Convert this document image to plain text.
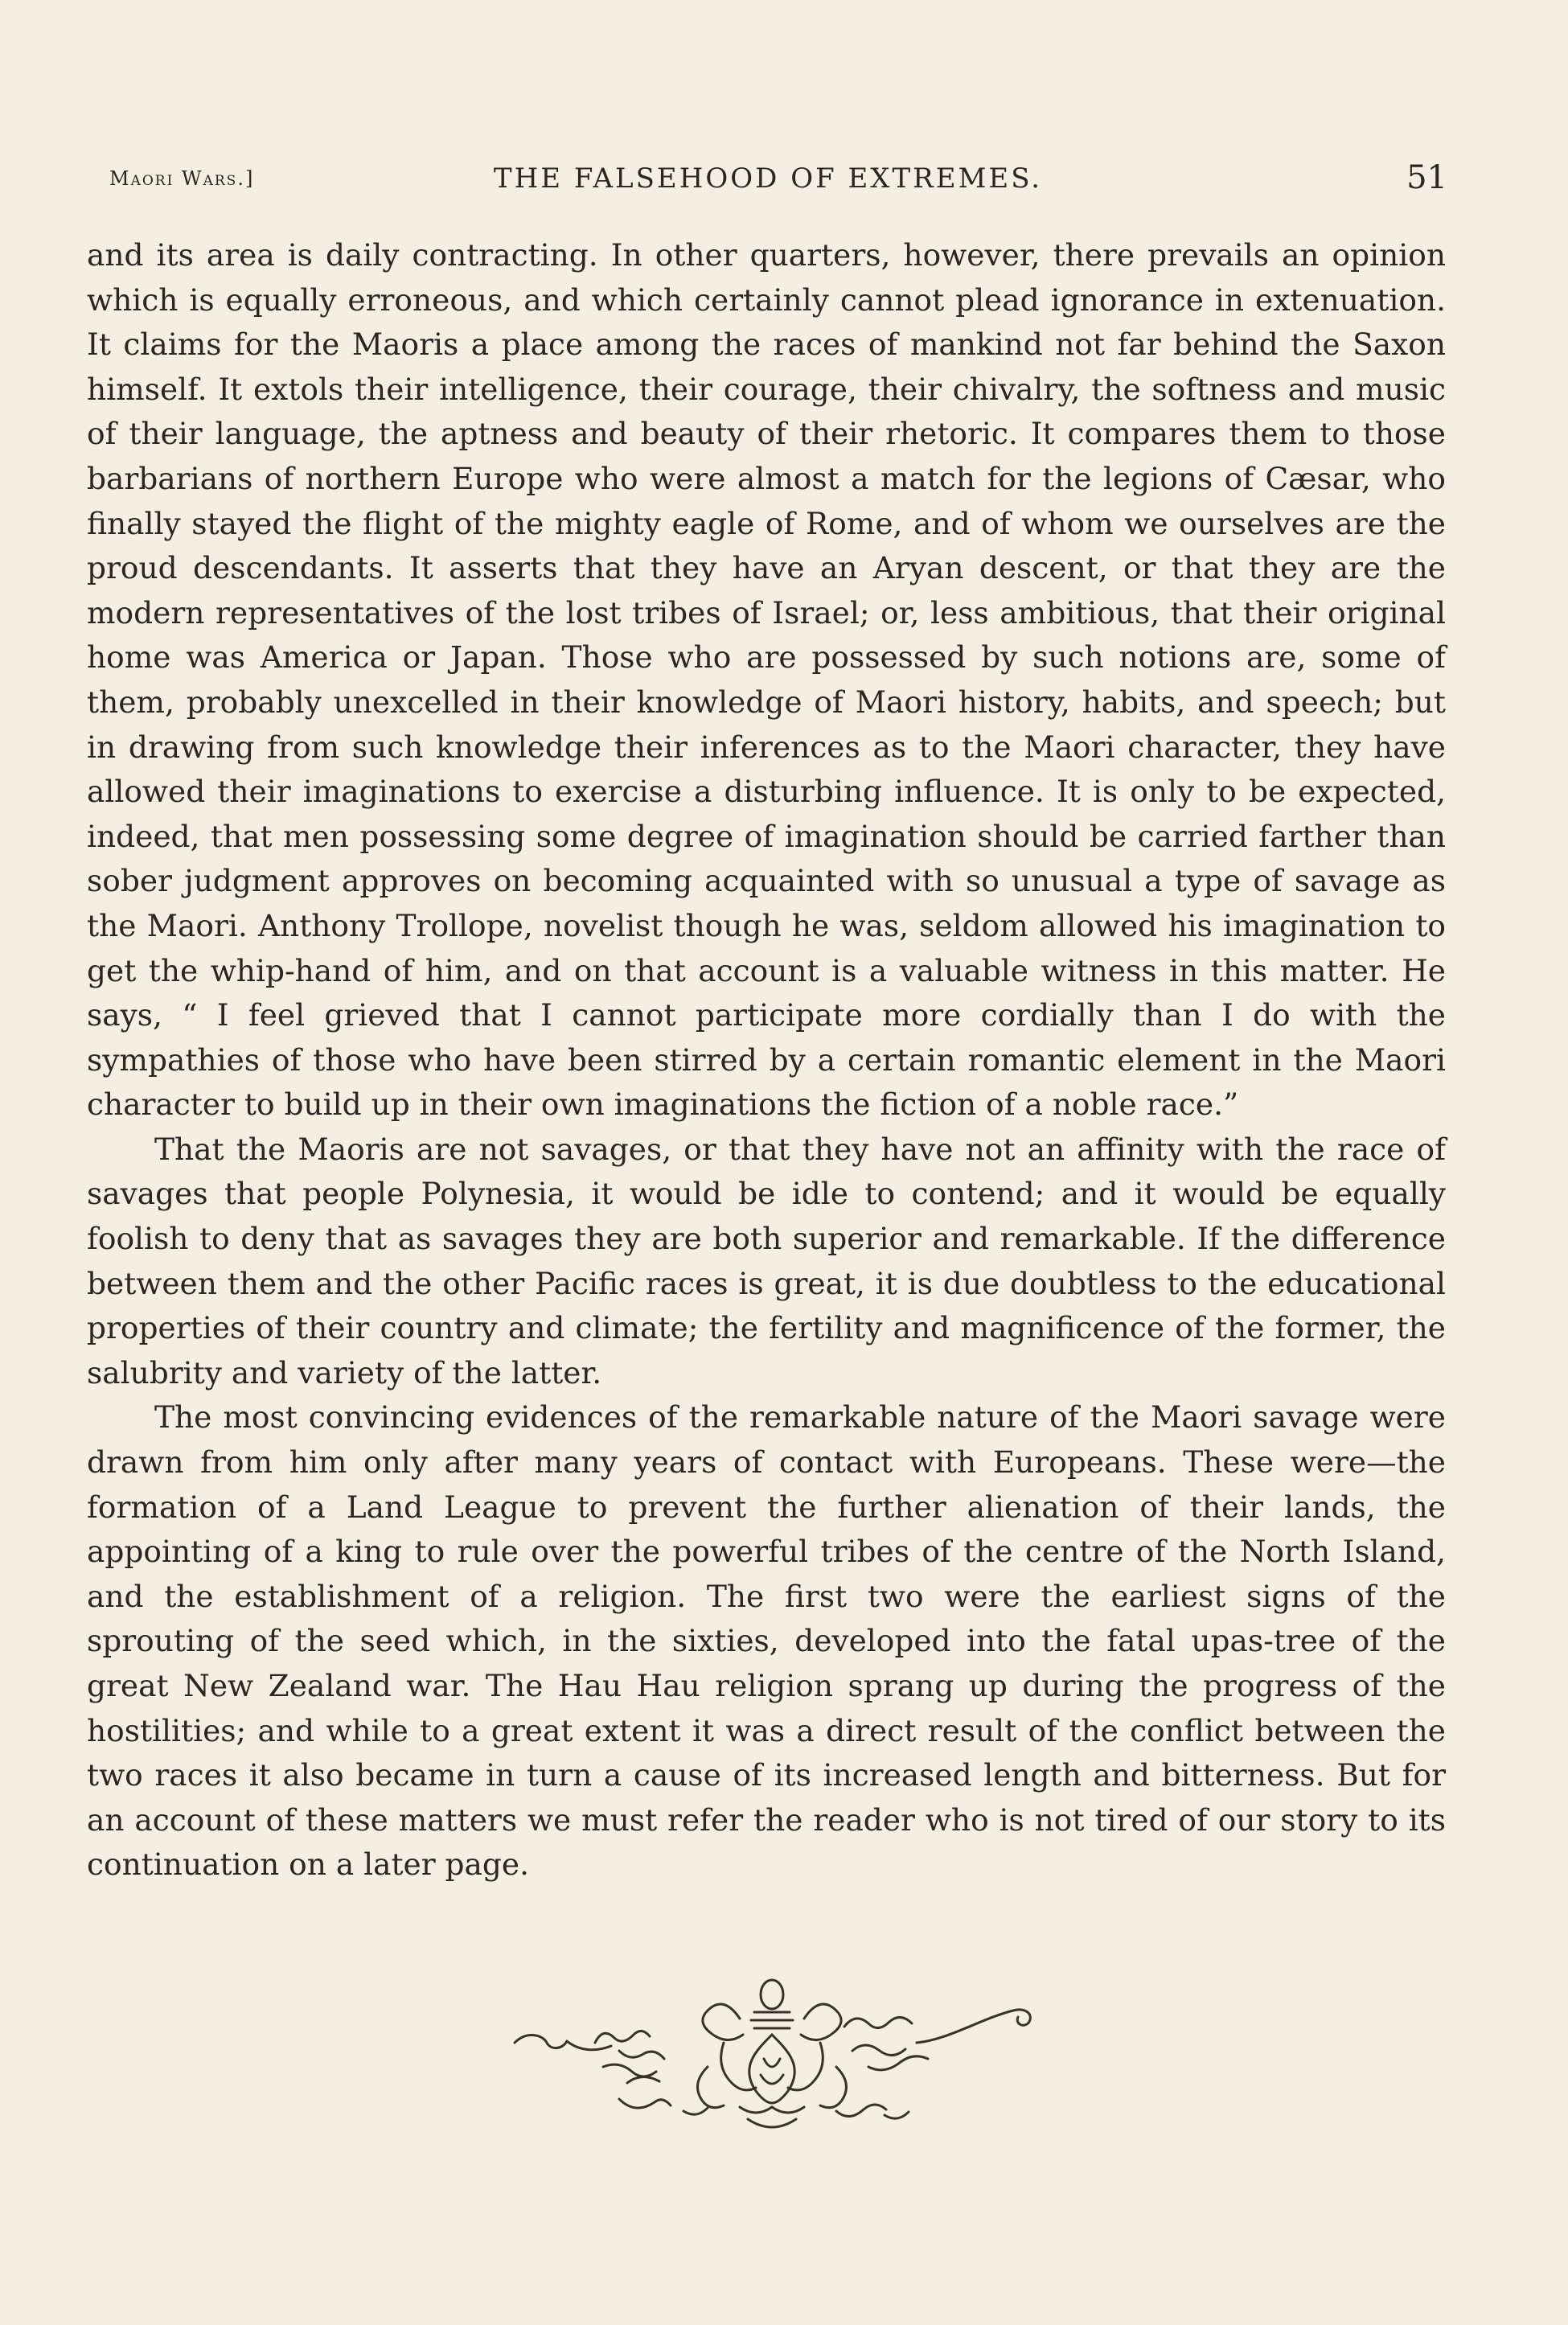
Maori Wars.]	THE FALSEHOOD OF EXTREMES.	51

and its area is daily contracting. In other quarters, however, there prevails an opinion which is equally erroneous, and which certainly cannot plead ignorance in extenuation. It claims for the Maoris a place among the races of mankind not far behind the Saxon himself. It extols their intelligence, their courage, their chivalry, the softness and music of their language, the aptness and beauty of their rhetoric. It compares them to those barbarians of northern Europe who were almost a match for the legions of Cæsar, who finally stayed the flight of the mighty eagle of Rome, and of whom we ourselves are the proud descendants. It asserts that they have an Aryan descent, or that they are the modern representatives of the lost tribes of Israel; or, less ambitious, that their original home was America or Japan. Those who are possessed by such notions are, some of them, probably unexcelled in their knowledge of Maori history, habits, and speech; but in drawing from such knowledge their inferences as to the Maori character, they have allowed their imaginations to exercise a disturbing influence. It is only to be expected, indeed, that men possessing some degree of imagination should be carried farther than sober judgment approves on becoming acquainted with so unusual a type of savage as the Maori. Anthony Trollope, novelist though he was, seldom allowed his imagination to get the whip-hand of him, and on that account is a valuable witness in this matter. He says, “ I feel grieved that I cannot participate more cordially than I do with the sympathies of those who have been stirred by a certain romantic element in the Maori character to build up in their own imaginations the fiction of a noble race.”

That the Maoris are not savages, or that they have not an affinity with the race of savages that people Polynesia, it would be idle to contend; and it would be equally foolish to deny that as savages they are both superior and remarkable. If the difference between them and the other Pacific races is great, it is due doubtless to the educational properties of their country and climate; the fertility and magnificence of the former, the salubrity and variety of the latter.

The most convincing evidences of the remarkable nature of the Maori savage were drawn from him only after many years of contact with Europeans. These were—the formation of a Land League to prevent the further alienation of their lands, the appointing of a king to rule over the powerful tribes of the centre of the North Island, and the establishment of a religion. The first two were the earliest signs of the sprouting of the seed which, in the sixties, developed into the fatal upas-tree of the great New Zealand war. The Hau Hau religion sprang up during the progress of the hostilities; and while to a great extent it was a direct result of the conflict between the two races it also became in turn a cause of its increased length and bitterness. But for an account of these matters we must refer the reader who is not tired of our story to its continuation on a later page.
